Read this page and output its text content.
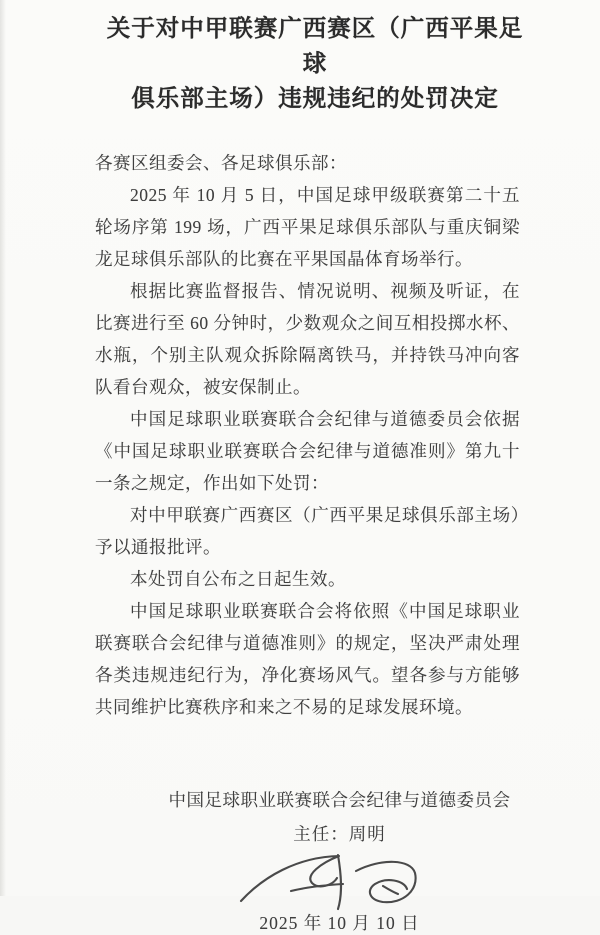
关于对中甲联赛广西赛区（广西平果足球
俱乐部主场）违规违纪的处罚决定

各赛区组委会、各足球俱乐部：

2025 年 10 月 5 日，中国足球甲级联赛第二十五轮场序第 199 场，广西平果足球俱乐部队与重庆铜梁龙足球俱乐部队的比赛在平果国晶体育场举行。

根据比赛监督报告、情况说明、视频及听证，在比赛进行至 60 分钟时，少数观众之间互相投掷水杯、水瓶，个别主队观众拆除隔离铁马，并持铁马冲向客队看台观众，被安保制止。

中国足球职业联赛联合会纪律与道德委员会依据《中国足球职业联赛联合会纪律与道德准则》第九十一条之规定，作出如下处罚：

对中甲联赛广西赛区（广西平果足球俱乐部主场）予以通报批评。

本处罚自公布之日起生效。

中国足球职业联赛联合会将依照《中国足球职业联赛联合会纪律与道德准则》的规定，坚决严肃处理各类违规违纪行为，净化赛场风气。望各参与方能够共同维护比赛秩序和来之不易的足球发展环境。

中国足球职业联赛联合会纪律与道德委员会

主任：周明

2025 年 10 月 10 日
